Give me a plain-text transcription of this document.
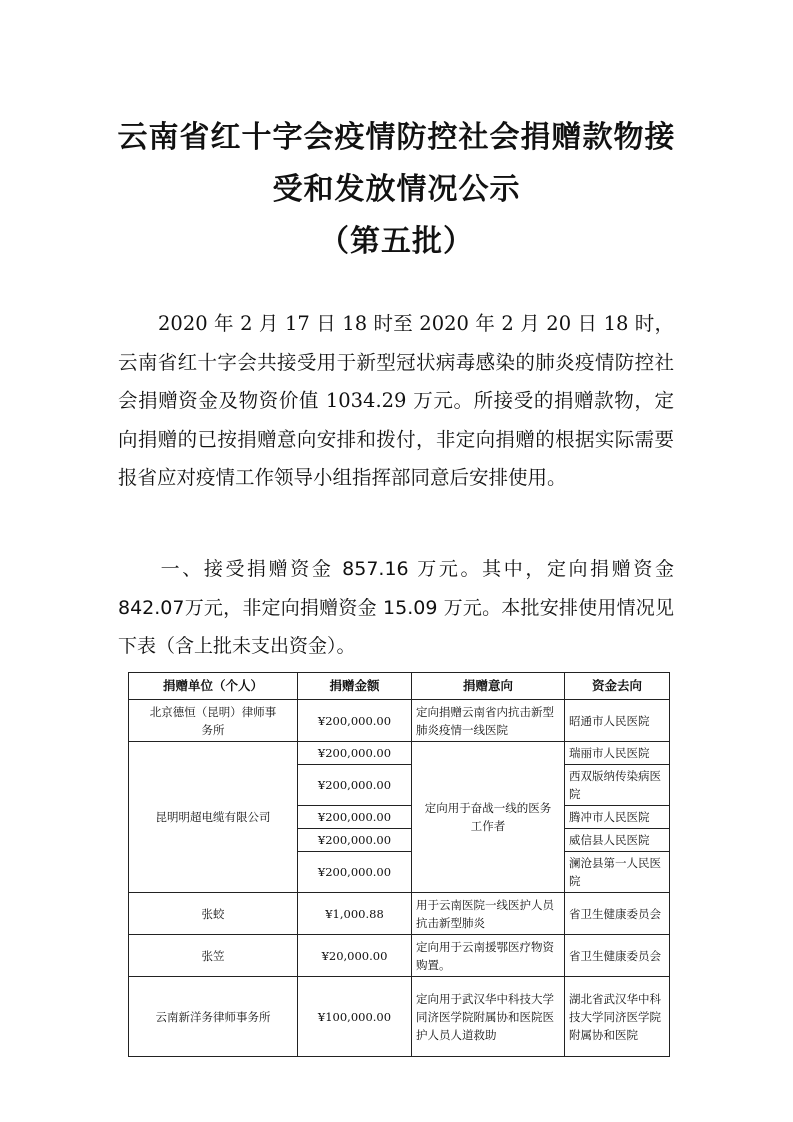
云南省红十字会疫情防控社会捐赠款物接
受和发放情况公示
（第五批）
2020 年 2 月 17 日 18 时至 2020 年 2 月 20 日 18 时，云南省红十字会共接受用于新型冠状病毒感染的肺炎疫情防控社会捐赠资金及物资价值 1034.29 万元。所接受的捐赠款物，定向捐赠的已按捐赠意向安排和拨付，非定向捐赠的根据实际需要报省应对疫情工作领导小组指挥部同意后安排使用。
一、接受捐赠资金 857.16 万元。其中，定向捐赠资金842.07万元，非定向捐赠资金 15.09 万元。本批安排使用情况见下表（含上批未支出资金）。
捐赠单位（个人）	捐赠金额	捐赠意向	资金去向
北京德恒（昆明）律师事务所	¥200,000.00	定向捐赠云南省内抗击新型肺炎疫情一线医院	昭通市人民医院
昆明明超电缆有限公司	¥200,000.00	定向用于奋战一线的医务工作者	瑞丽市人民医院
	¥200,000.00		西双版纳传染病医院
	¥200,000.00		腾冲市人民医院
	¥200,000.00		威信县人民医院
	¥200,000.00		澜沧县第一人民医院
张蛟	¥1,000.88	用于云南医院一线医护人员抗击新型肺炎	省卫生健康委员会
张笠	¥20,000.00	定向用于云南援鄂医疗物资购置。	省卫生健康委员会
云南新洋务律师事务所	¥100,000.00	定向用于武汉华中科技大学同济医学院附属协和医院医护人员人道救助	湖北省武汉华中科技大学同济医学院附属协和医院
